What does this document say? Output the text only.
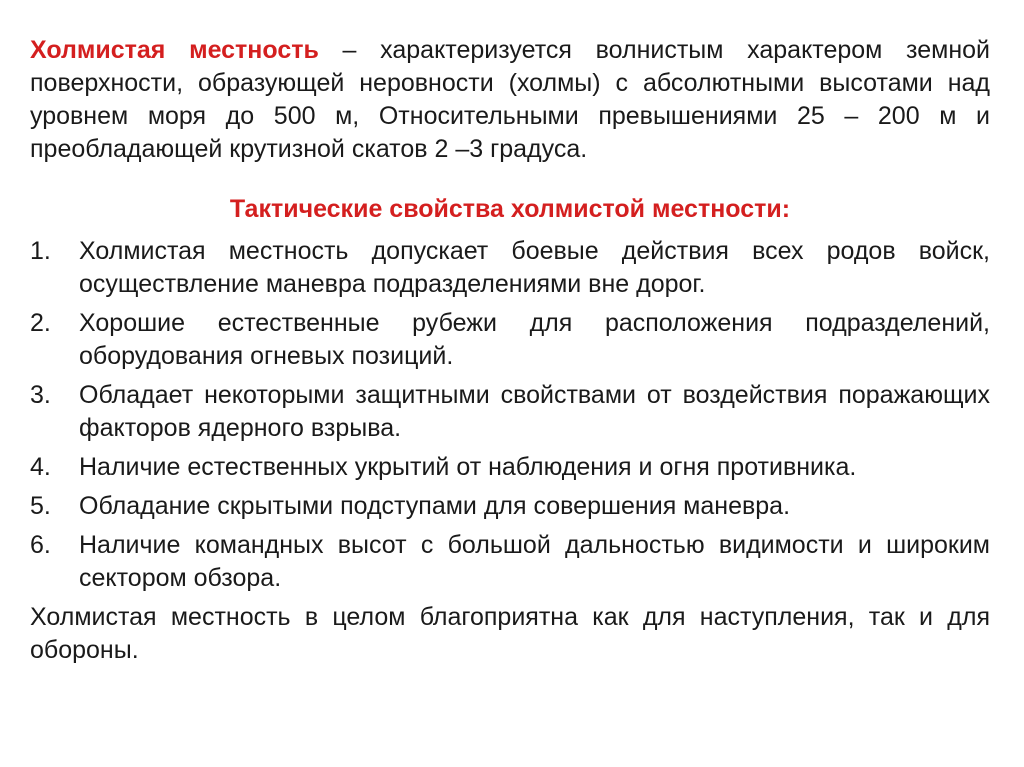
Холмистая местность – характеризуется волнистым характером земной поверхности, образующей неровности (холмы) с абсолютными высотами над уровнем моря до 500 м, Относительными превышениями 25 – 200 м и преобладающей крутизной скатов 2 –3 градуса.

Тактические свойства холмистой местности:
1.	Холмистая местность допускает боевые действия всех родов войск, осуществление маневра подразделениями вне дорог.
2.	Хорошие естественные рубежи для расположения подразделений, оборудования огневых позиций.
3.	Обладает некоторыми защитными свойствами от воздействия поражающих факторов ядерного взрыва.
4.	Наличие естественных укрытий от наблюдения и огня противника.
5.	Обладание скрытыми подступами для совершения маневра.
6.	Наличие командных высот с большой дальностью видимости и широким сектором обзора.

Холмистая местность в целом благоприятна как для наступления, так и для обороны.
